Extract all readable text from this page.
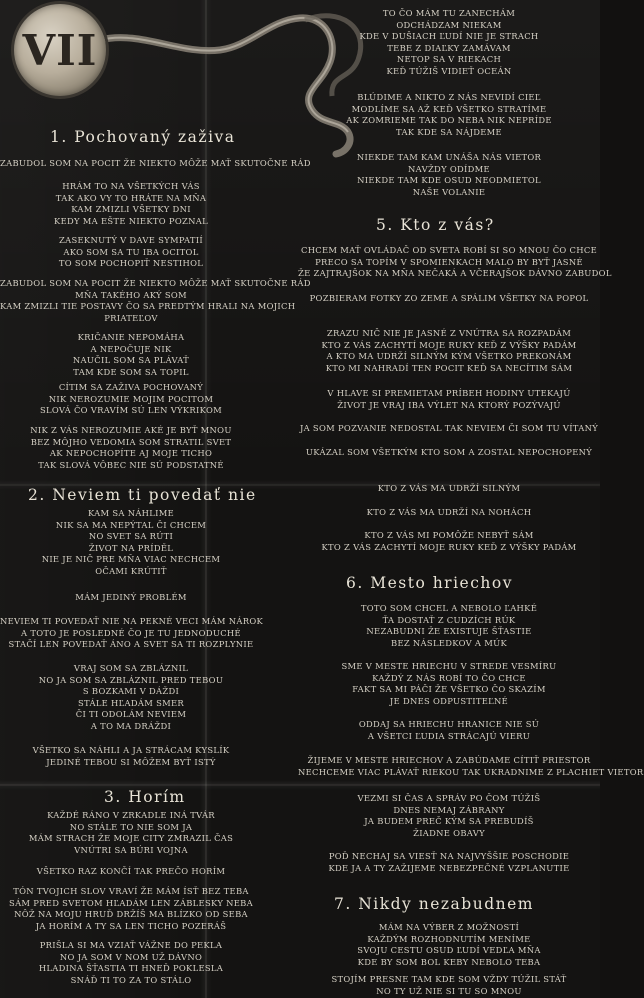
VII
1. Pochovaný zaživa
ZABUDOL SOM NA POCIT ŽE NIEKTO MÔŽE MAŤ SKUTOČNE RÁD
HRÁM TO NA VŠETKÝCH VÁS
TAK AKO VY TO HRÁTE NA MŇA
KAM ZMIZLI VŠETKY DNI
KEDY MA EŠTE NIEKTO POZNAL
ZASEKNUTÝ V DAVE SYMPATIÍ
AKO SOM SA TU IBA OCITOL
TO SOM POCHOPIŤ NESTIHOL
ZABUDOL SOM NA POCIT ŽE NIEKTO MÔŽE MAŤ SKUTOČNE RÁD
MŇA TAKÉHO AKÝ SOM
KAM ZMIZLI TIE POSTAVY ČO SA PREDTÝM HRALI NA MOJICH
PRIATEĽOV
KRIČANIE NEPOMÁHA
A NEPOČUJE NIK
NAUČIL SOM SA PLÁVAŤ
TAM KDE SOM SA TOPIL
CÍTIM SA ZAŽIVA POCHOVANÝ
NIK NEROZUMIE MOJIM POCITOM
SLOVÁ ČO VRAVÍM SÚ LEN VÝKRIKOM
NIK Z VÁS NEROZUMIE AKÉ JE BYŤ MNOU
BEZ MÔJHO VEDOMIA SOM STRATIL SVET
AK NEPOCHOPÍTE AJ MOJE TICHO
TAK SLOVÁ VÔBEC NIE SÚ PODSTATNÉ
2. Neviem ti povedať nie
KAM SA NÁHLIME
NIK SA MA NEPÝTAL ČI CHCEM
NO SVET SA RÚTI
ŽIVOT NA PRÍDĚL
NIE JE NIČ PRE MŇA VIAC NECHCEM
OČAMI KRÚTIŤ
MÁM JEDINÝ PROBLÉM
NEVIEM TI POVEDAŤ NIE NA PEKNÉ VECI MÁM NÁROK
A TOTO JE POSLEDNÉ ČO JE TU JEDNODUCHÉ
STAČÍ LEN POVEDAŤ ÁNO A SVET SA TI ROZPLYNIE
VRAJ SOM SA ZBLÁZNIL
NO JA SOM SA ZBLÁZNIL PRED TEBOU
S BOZKAMI V DÁŽDI
STÁLE HĽADÁM SMER
ČI TI ODOLÁM NEVIEM
A TO MA DRÁŽDI
VŠETKO SA NÁHLI A JA STRÁCAM KYSLÍK
JEDINÉ TEBOU SI MÔŽEM BYŤ ISTÝ
3. Horím
KAŽDÉ RÁNO V ZRKADLE INÁ TVÁR
NO STÁLE TO NIE SOM JA
MÁM STRACH ŽE MOJE CITY ZMRAZIL ČAS
VNÚTRI SA BÚRI VOJNA
VŠETKO RAZ KONČÍ TAK PREČO HORÍM
TÓN TVOJICH SLOV VRAVÍ ŽE MÁM ÍSŤ BEZ TEBA
SÁM PRED SVETOM HĽADÁM LEN ZÁBLESKY NEBA
NÔŽ NA MOJU HRUĎ DRŽÍŠ MA BLÍZKO OD SEBA
JA HORÍM A TY SA LEN TICHO POZERÁŠ
PRIŠLA SI MA VZIAŤ VÁŽNE DO PEKLA
NO JA SOM V NOM UŽ DÁVNO
HLADINA ŠŤASTIA TI HNEĎ POKLESLA
SNÁĎ TI TO ZA TO STÁLO
TO ČO MÁM TU ZANECHÁM
ODCHÁDZAM NIEKAM
KDE V DUŠIACH ĽUDÍ NIE JE STRACH
TEBE Z DIAĽKY ZAMÁVAM
NETOP SA V RIEKACH
KEĎ TÚŽIŠ VIDIEŤ OCEÁN
BLÚDIME A NIKTO Z NÁS NEVIDÍ CIEĽ
MODLÍME SA AŽ KEĎ VŠETKO STRATÍME
AK ZOMRIEME TAK DO NEBA NIK NEPRÍDE
TAK KDE SA NÁJDEME
NIEKDE TAM KAM UNÁŠA NÁS VIETOR
NAVŽDY ODÍDME
NIEKDE TAM KDE OSUD NEODMIETOL
NAŠE VOLANIE
5. Kto z vás?
CHCEM MAŤ OVLÁDAČ OD SVETA ROBÍ SI SO MNOU ČO CHCE
PRECO SA TOPÍM V SPOMIENKACH MALO BY BYŤ JASNÉ
ŽE ZAJTRAJŠOK NA MŇA NEČAKÁ A VČERAJŠOK DÁVNO ZABUDOL
POZBIERAM FOTKY ZO ZEME A SPÁLIM VŠETKY NA POPOL
ZRAZU NIČ NIE JE JASNÉ Z VNÚTRA SA ROZPADÁM
KTO Z VÁS ZACHYTÍ MOJE RUKY KEĎ Z VÝŠKY PADÁM
A KTO MA UDRŽÍ SILNÝM KÝM VŠETKO PREKONÁM
KTO MI NAHRADÍ TEN POCIT KEĎ SA NECÍTIM SÁM
V HLAVE SI PREMIETAM PRÍBEH HODINY UTEKAJÚ
ŽIVOT JE VRAJ IBA VÝLET NA KTORÝ POZÝVAJÚ
JA SOM POZVANIE NEDOSTAL TAK NEVIEM ČI SOM TU VÍTANÝ
UKÁZAL SOM VŠETKÝM KTO SOM A ZOSTAL NEPOCHOPENÝ
KTO Z VÁS MA UDRŽÍ SILNÝM
KTO Z VÁS MA UDRŽÍ NA NOHÁCH
KTO Z VÁS MI POMÔŽE NEBYŤ SÁM
KTO Z VÁS ZACHYTÍ MOJE RUKY KEĎ Z VÝŠKY PADÁM
6. Mesto hriechov
TOTO SOM CHCEL A NEBOLO ĽAHKÉ
ŤA DOSTAŤ Z CUDZÍCH RÚK
NEZABUDNI ŽE EXISTUJE ŠŤASTIE
BEZ NÁSLEDKOV A MÚK
SME V MESTE HRIECHU V STREDE VESMÍRU
KAŽDÝ Z NÁS ROBÍ TO ČO CHCE
FAKT SA MI PÁČI ŽE VŠETKO ČO SKAZÍM
JE DNES ODPUSTITEĽNÉ
ODDAJ SA HRIECHU HRANICE NIE SÚ
A VŠETCI ĽUDIA STRÁCAJÚ VIERU
ŽIJEME V MESTE HRIECHOV A ZABÚDAME CÍTIŤ PRIESTOR
NECHCEME VIAC PLÁVAŤ RIEKOU TAK UKRADNIME Z PLACHIET VIETOR
VEZMI SI ČAS A SPRÁV PO ČOM TÚŽIŠ
DNES NEMAJ ZÁBRANY
JA BUDEM PREČ KÝM SA PREBUDÍŠ
ŽIADNE OBAVY
POĎ NECHAJ SA VIESŤ NA NAJVYŠŠIE POSCHODIE
KDE JA A TY ZAŽIJEME NEBEZPEČNÉ VZPLANUTIE
7. Nikdy nezabudnem
MÁM NA VÝBER Z MOŽNOSTÍ
KAŽDÝM ROZHODNUTÍM MENÍME
SVOJU CESTU OSUD ĽUDÍ VEDĽA MŇA
KDE BY SOM BOL KEBY NEBOLO TEBA
STOJÍM PRESNE TAM KDE SOM VŽDY TÚŽIL STÁŤ
NO TY UŽ NIE SI TU SO MNOU
